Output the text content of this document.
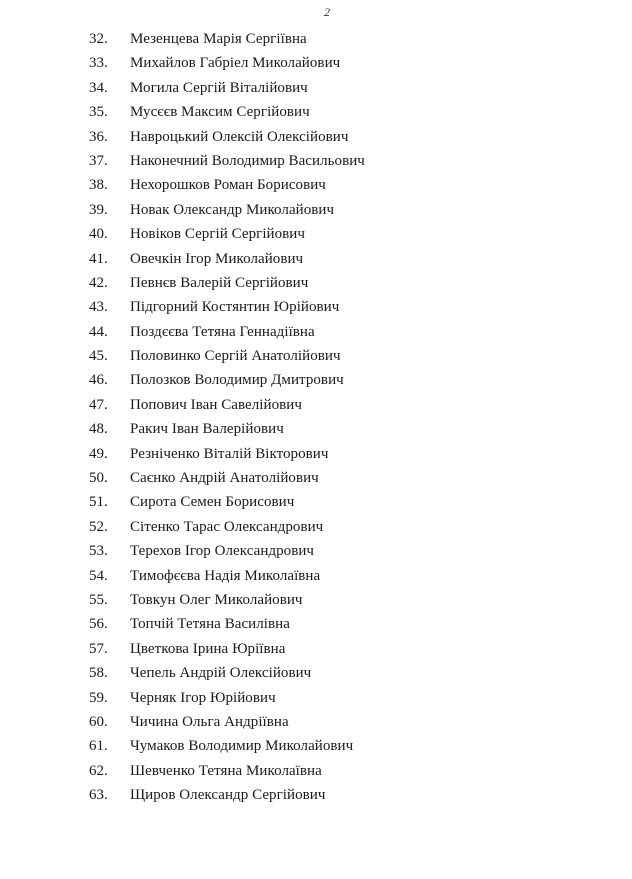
2
32. Мезенцева Марія Сергіївна
33. Михайлов Габріел Миколайович
34. Могила Сергій Віталійович
35. Мусєєв Максим Сергійович
36. Навроцький Олексій Олексійович
37. Наконечний Володимир Васильович
38. Нехорошков Роман Борисович
39. Новак Олександр Миколайович
40. Новіков Сергій Сергійович
41. Овечкін Ігор Миколайович
42. Певнєв Валерій Сергійович
43. Підгорний Костянтин Юрійович
44. Поздєєва Тетяна Геннадіївна
45. Половинко Сергій Анатолійович
46. Полозков Володимир Дмитрович
47. Попович Іван Савелійович
48. Ракич Іван Валерійович
49. Резніченко Віталій Вікторович
50. Саєнко Андрій Анатолійович
51. Сирота Семен Борисович
52. Сітенко Тарас Олександрович
53. Терехов Ігор Олександрович
54. Тимофєєва Надія Миколаївна
55. Товкун Олег Миколайович
56. Топчій Тетяна Василівна
57. Цветкова Ірина Юріївна
58. Чепель Андрій Олексійович
59. Черняк Ігор Юрійович
60. Чичина Ольга Андріївна
61. Чумаков Володимир Миколайович
62. Шевченко Тетяна Миколаївна
63. Щиров Олександр Сергійович
